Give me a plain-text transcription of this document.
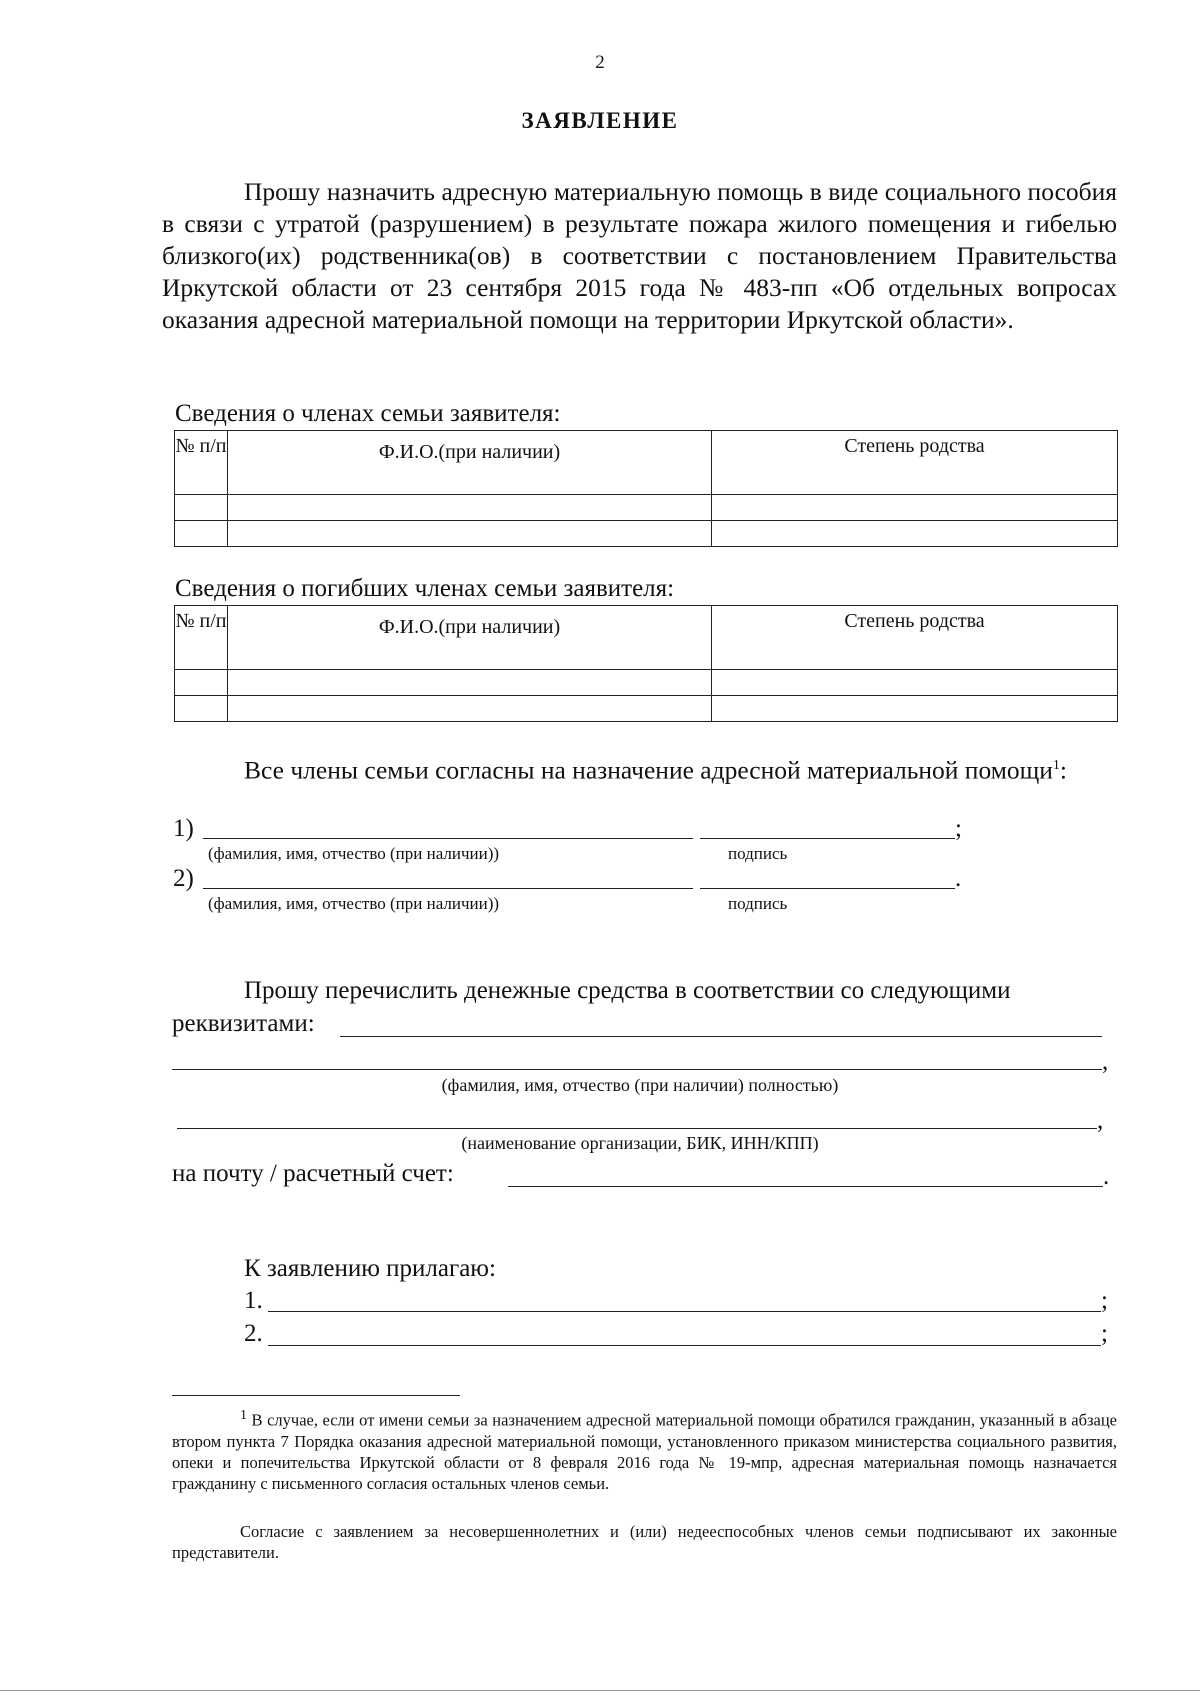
2
ЗАЯВЛЕНИЕ

Прошу назначить адресную материальную помощь в виде социального пособия в связи с утратой (разрушением) в результате пожара жилого помещения и гибелью близкого(их) родственника(ов) в соответствии с постановлением Правительства Иркутской области от 23 сентября 2015 года № 483-пп «Об отдельных вопросах оказания адресной материальной помощи на территории Иркутской области».

Сведения о членах семьи заявителя:
№ п/п	Ф.И.О.(при наличии)	Степень родства

Сведения о погибших членах семьи заявителя:
№ п/п	Ф.И.О.(при наличии)	Степень родства

Все члены семьи согласны на назначение адресной материальной помощи$^1$:

1)	;
(фамилия, имя, отчество (при наличии))	подпись
2)	.
(фамилия, имя, отчество (при наличии))	подпись
Прошу перечислить денежные средства в соответствии со следующими
реквизитами:
,
(фамилия, имя, отчество (при наличии) полностью)
,
(наименование организации, БИК, ИНН/КПП)
на почту / расчетный счет:	.
К заявлению прилагаю:
1.	;
2.	;

$^1$ В случае, если от имени семьи за назначением адресной материальной помощи обратился гражданин, указанный в абзаце втором пункта 7 Порядка оказания адресной материальной помощи, установленного приказом министерства социального развития, опеки и попечительства Иркутской области от 8 февраля 2016 года № 19-мпр, адресная материальная помощь назначается гражданину с письменного согласия остальных членов семьи.

Согласие с заявлением за несовершеннолетних и (или) недееспособных членов семьи подписывают их законные представители.
